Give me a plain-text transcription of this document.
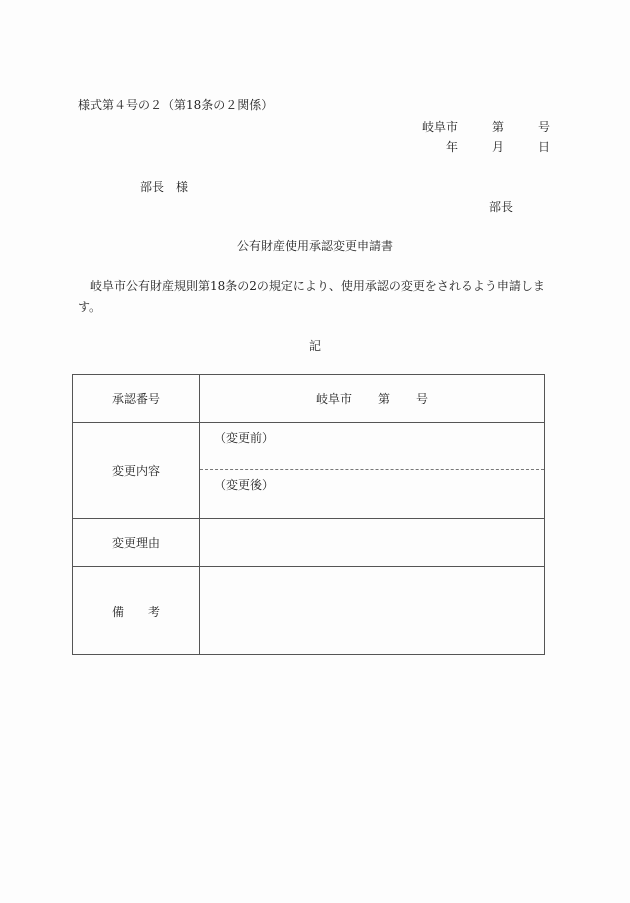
様式第４号の２（第18条の２関係）
岐阜市	第	号
年	月	日
部長　様
部長
公有財産使用承認変更申請書
岐阜市公有財産規則第18条の2の規定により、使用承認の変更をされるよう申請します。
記
承認番号	岐阜市 第 号

変更内容	（変更前）
（変更後）

変更理由	
備　　考	
